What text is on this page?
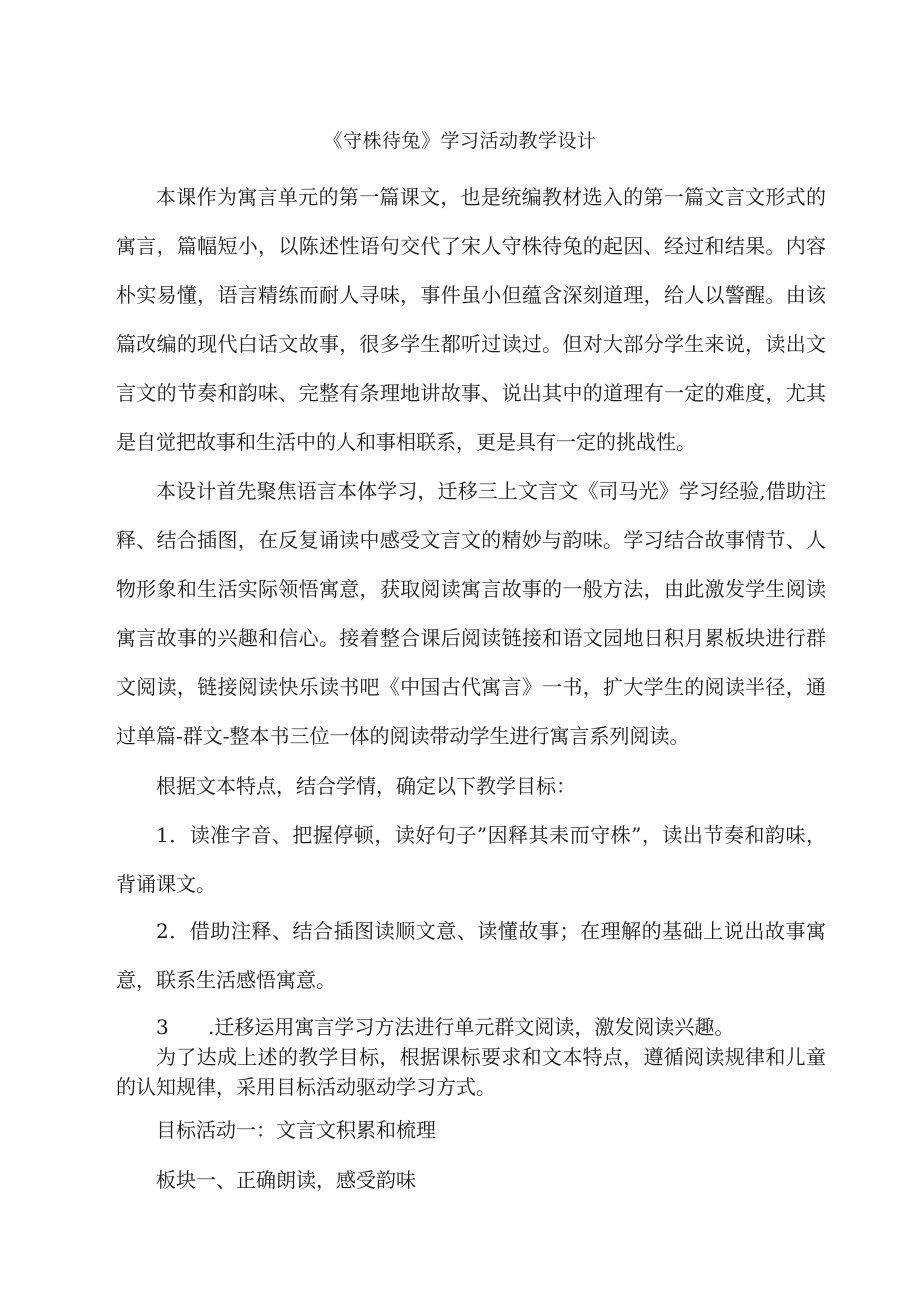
《守株待兔》学习活动教学设计

本课作为寓言单元的第一篇课文，也是统编教材选入的第一篇文言文形式的寓言，篇幅短小，以陈述性语句交代了宋人守株待兔的起因、经过和结果。内容朴实易懂，语言精练而耐人寻味，事件虽小但蕴含深刻道理，给人以警醒。由该篇改编的现代白话文故事，很多学生都听过读过。但对大部分学生来说，读出文言文的节奏和韵味、完整有条理地讲故事、说出其中的道理有一定的难度，尤其是自觉把故事和生活中的人和事相联系，更是具有一定的挑战性。

本设计首先聚焦语言本体学习，迁移三上文言文《司马光》学习经验,借助注释、结合插图，在反复诵读中感受文言文的精妙与韵味。学习结合故事情节、人物形象和生活实际领悟寓意，获取阅读寓言故事的一般方法，由此激发学生阅读寓言故事的兴趣和信心。接着整合课后阅读链接和语文园地日积月累板块进行群文阅读，链接阅读快乐读书吧《中国古代寓言》一书，扩大学生的阅读半径，通过单篇-群文-整本书三位一体的阅读带动学生进行寓言系列阅读。

根据文本特点，结合学情，确定以下教学目标：

1．读准字音、把握停顿，读好句子”因释其耒而守株”，读出节奏和韵味，背诵课文。

2．借助注释、结合插图读顺文意、读懂故事；在理解的基础上说出故事寓意，联系生活感悟寓意。

3 .迁移运用寓言学习方法进行单元群文阅读，激发阅读兴趣。

为了达成上述的教学目标，根据课标要求和文本特点，遵循阅读规律和儿童的认知规律，采用目标活动驱动学习方式。

目标活动一：文言文积累和梳理

板块一、正确朗读，感受韵味
